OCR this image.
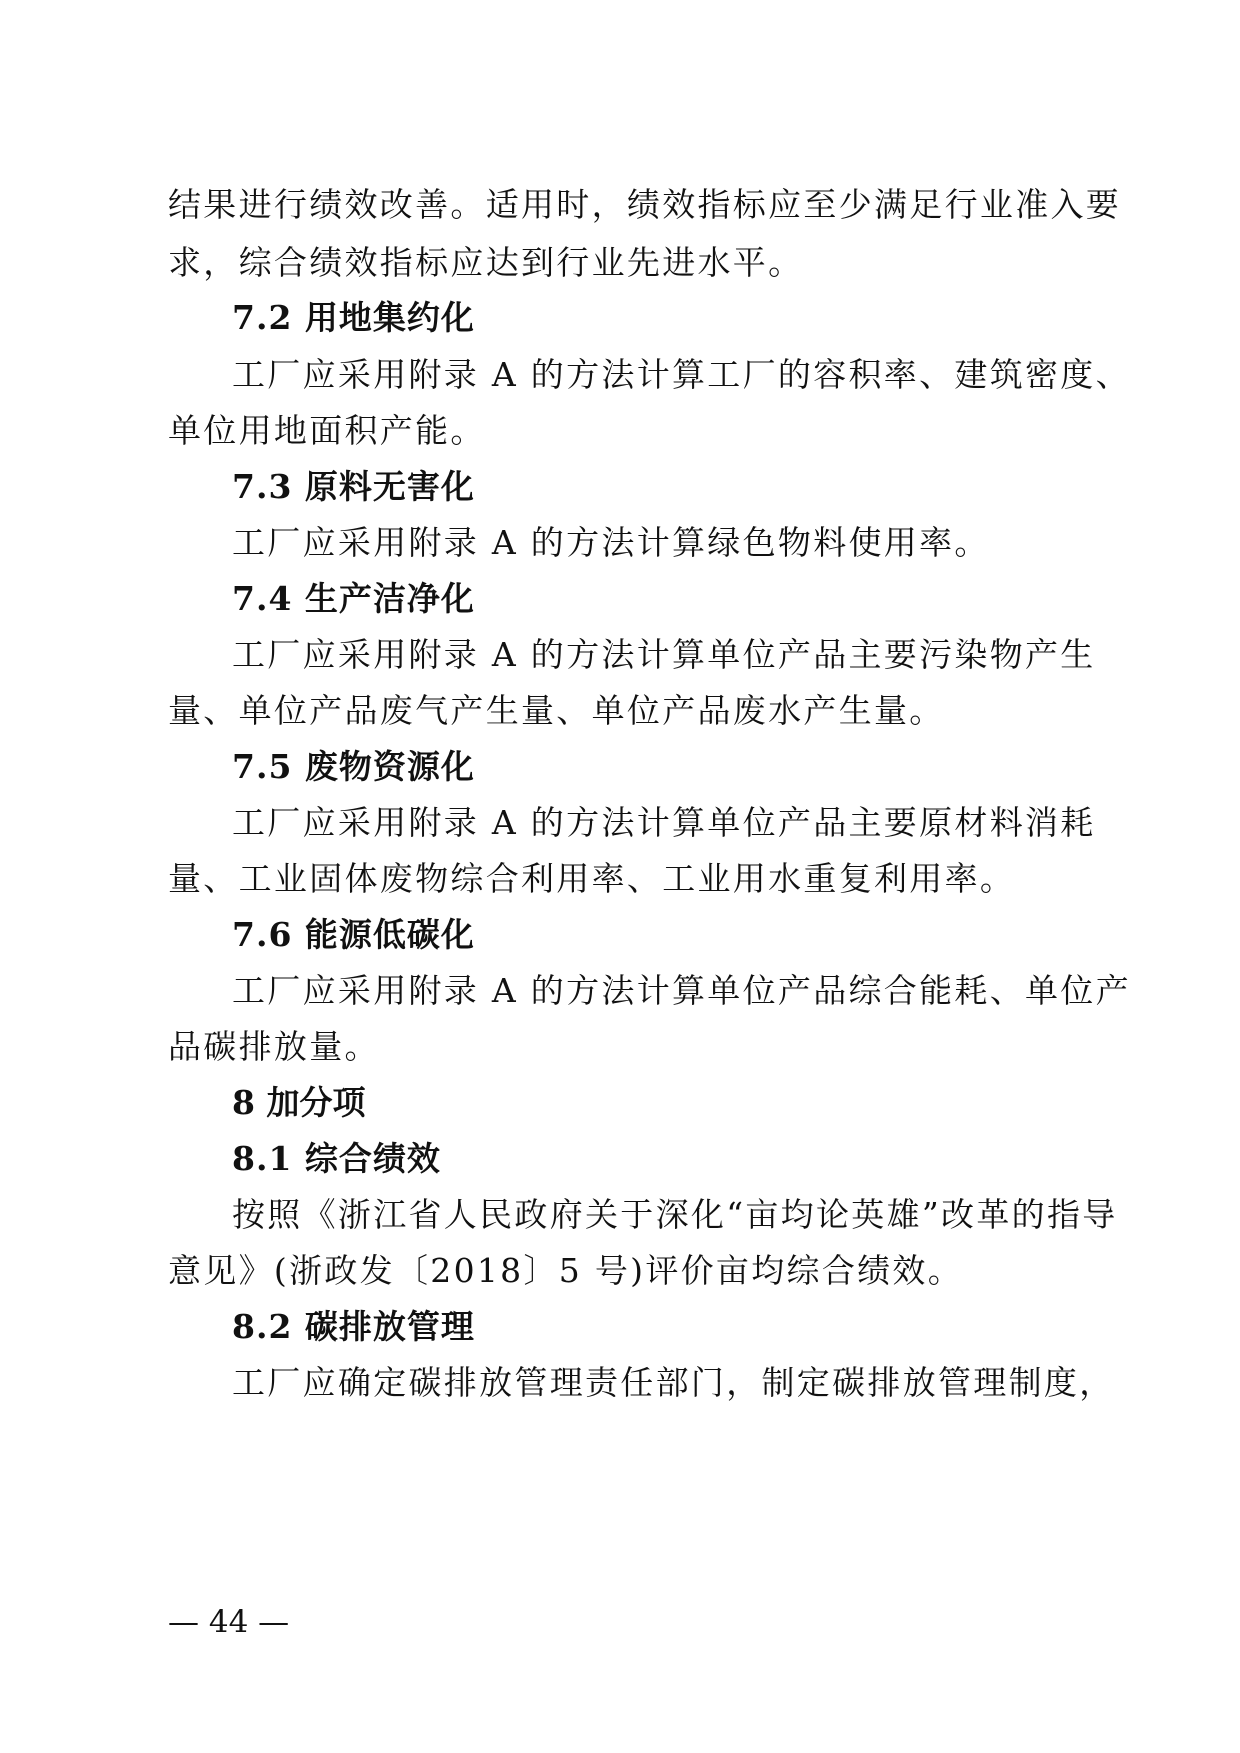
结果进行绩效改善。适用时，绩效指标应至少满足行业准入要
求，综合绩效指标应达到行业先进水平。
7.2 用地集约化
工厂应采用附录 A 的方法计算工厂的容积率、建筑密度、
单位用地面积产能。
7.3 原料无害化
工厂应采用附录 A 的方法计算绿色物料使用率。
7.4 生产洁净化
工厂应采用附录 A 的方法计算单位产品主要污染物产生
量、单位产品废气产生量、单位产品废水产生量。
7.5 废物资源化
工厂应采用附录 A 的方法计算单位产品主要原材料消耗
量、工业固体废物综合利用率、工业用水重复利用率。
7.6 能源低碳化
工厂应采用附录 A 的方法计算单位产品综合能耗、单位产
品碳排放量。
8 加分项
8.1 综合绩效
按照《浙江省人民政府关于深化“亩均论英雄”改革的指导
意见》(浙政发〔2018〕5 号)评价亩均综合绩效。
8.2 碳排放管理
工厂应确定碳排放管理责任部门，制定碳排放管理制度，
— 44 —
